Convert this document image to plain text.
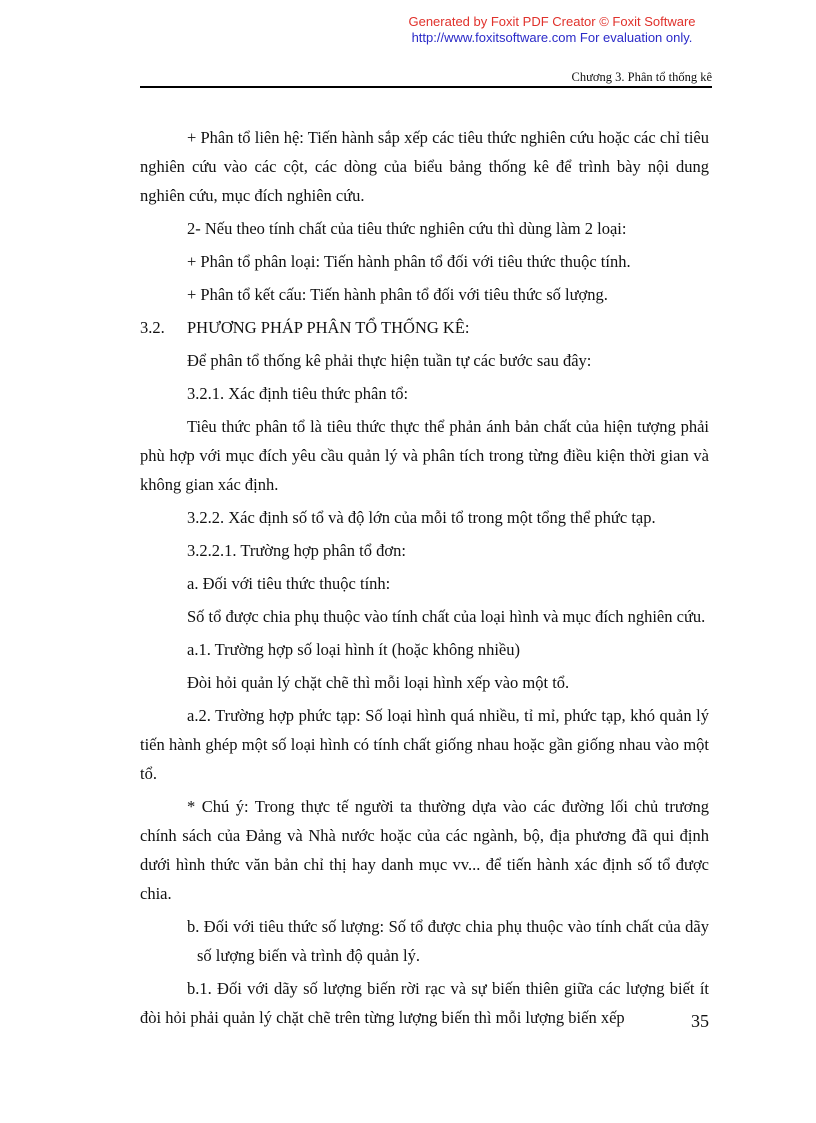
Generated by Foxit PDF Creator © Foxit Software
http://www.foxitsoftware.com For evaluation only.
Chương 3. Phân tổ thống kê

+ Phân tổ liên hệ: Tiến hành sắp xếp các tiêu thức nghiên cứu hoặc các chỉ tiêu nghiên cứu vào các cột, các dòng của biểu bảng thống kê để trình bày nội dung nghiên cứu, mục đích nghiên cứu.

2- Nếu theo tính chất của tiêu thức nghiên cứu thì dùng làm 2 loại:

+ Phân tổ phân loại: Tiến hành phân tổ đối với tiêu thức thuộc tính.

+ Phân tổ kết cấu: Tiến hành phân tổ đối với tiêu thức số lượng.

3.2. PHƯƠNG PHÁP PHÂN TỔ THỐNG KÊ:

Để phân tổ thống kê phải thực hiện tuần tự các bước sau đây:

3.2.1. Xác định tiêu thức phân tổ:

Tiêu thức phân tổ là tiêu thức thực thể phản ánh bản chất của hiện tượng phải phù hợp với mục đích yêu cầu quản lý và phân tích trong từng điều kiện thời gian và không gian xác định.

3.2.2. Xác định số tổ và độ lớn của mỗi tổ trong một tổng thể phức tạp.

3.2.2.1. Trường hợp phân tổ đơn:

a. Đối với tiêu thức thuộc tính:

Số tổ được chia phụ thuộc vào tính chất của loại hình và mục đích nghiên cứu.

a.1. Trường hợp số loại hình ít (hoặc không nhiều)

Đòi hỏi quản lý chặt chẽ thì mỗi loại hình xếp vào một tổ.

a.2. Trường hợp phức tạp: Số loại hình quá nhiều, tỉ mỉ, phức tạp, khó quản lý tiến hành ghép một số loại hình có tính chất giống nhau hoặc gần giống nhau vào một tổ.

* Chú ý: Trong thực tế người ta thường dựa vào các đường lối chủ trương chính sách của Đảng và Nhà nước hoặc của các ngành, bộ, địa phương đã qui định dưới hình thức văn bản chỉ thị hay danh mục vv... để tiến hành xác định số tổ được chia.

b. Đối với tiêu thức số lượng: Số tổ được chia phụ thuộc vào tính chất của dãy số lượng biến và trình độ quản lý.

b.1. Đối với dãy số lượng biến rời rạc và sự biến thiên giữa các lượng biết ít đòi hỏi phải quản lý chặt chẽ trên từng lượng biến thì mỗi lượng biến xếp	35
